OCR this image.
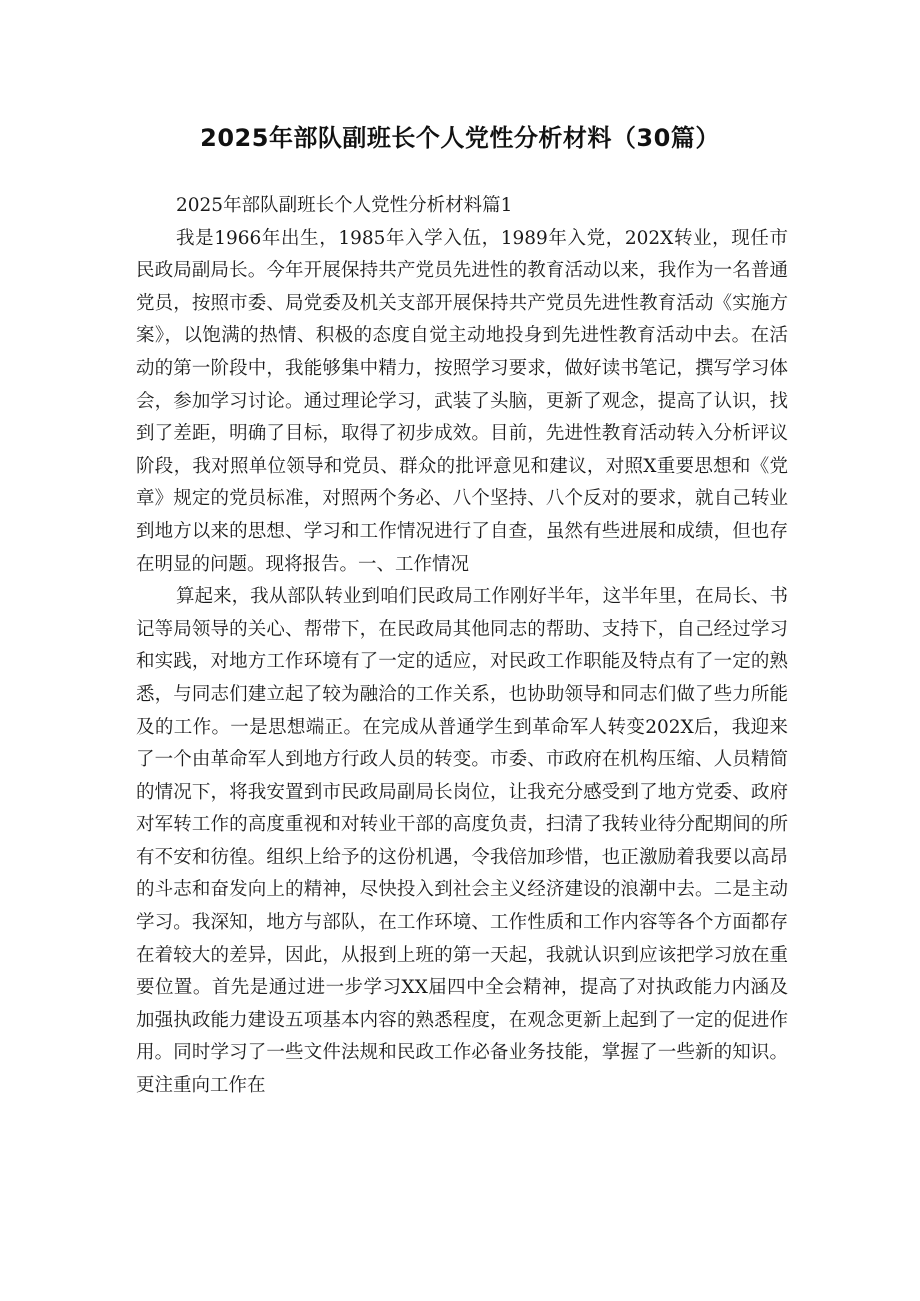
2025年部队副班长个人党性分析材料（30篇）

2025年部队副班长个人党性分析材料篇1

我是1966年出生，1985年入学入伍，1989年入党，202X转业，现任市民政局副局长。今年开展保持共产党员先进性的教育活动以来，我作为一名普通党员，按照市委、局党委及机关支部开展保持共产党员先进性教育活动《实施方案》，以饱满的热情、积极的态度自觉主动地投身到先进性教育活动中去。在活动的第一阶段中，我能够集中精力，按照学习要求，做好读书笔记，撰写学习体会，参加学习讨论。通过理论学习，武装了头脑，更新了观念，提高了认识，找到了差距，明确了目标，取得了初步成效。目前，先进性教育活动转入分析评议阶段，我对照单位领导和党员、群众的批评意见和建议，对照X重要思想和《党章》规定的党员标准，对照两个务必、八个坚持、八个反对的要求，就自己转业到地方以来的思想、学习和工作情况进行了自查，虽然有些进展和成绩，但也存在明显的问题。现将报告。一、工作情况

算起来，我从部队转业到咱们民政局工作刚好半年，这半年里，在局长、书记等局领导的关心、帮带下，在民政局其他同志的帮助、支持下，自己经过学习和实践，对地方工作环境有了一定的适应，对民政工作职能及特点有了一定的熟悉，与同志们建立起了较为融洽的工作关系，也协助领导和同志们做了些力所能及的工作。一是思想端正。在完成从普通学生到革命军人转变202X后，我迎来了一个由革命军人到地方行政人员的转变。市委、市政府在机构压缩、人员精简的情况下，将我安置到市民政局副局长岗位，让我充分感受到了地方党委、政府对军转工作的高度重视和对转业干部的高度负责，扫清了我转业待分配期间的所有不安和彷徨。组织上给予的这份机遇，令我倍加珍惜，也正激励着我要以高昂的斗志和奋发向上的精神，尽快投入到社会主义经济建设的浪潮中去。二是主动学习。我深知，地方与部队，在工作环境、工作性质和工作内容等各个方面都存在着较大的差异，因此，从报到上班的第一天起，我就认识到应该把学习放在重要位置。首先是通过进一步学习XX届四中全会精神，提高了对执政能力内涵及加强执政能力建设五项基本内容的熟悉程度，在观念更新上起到了一定的促进作用。同时学习了一些文件法规和民政工作必备业务技能，掌握了一些新的知识。更注重向工作在
